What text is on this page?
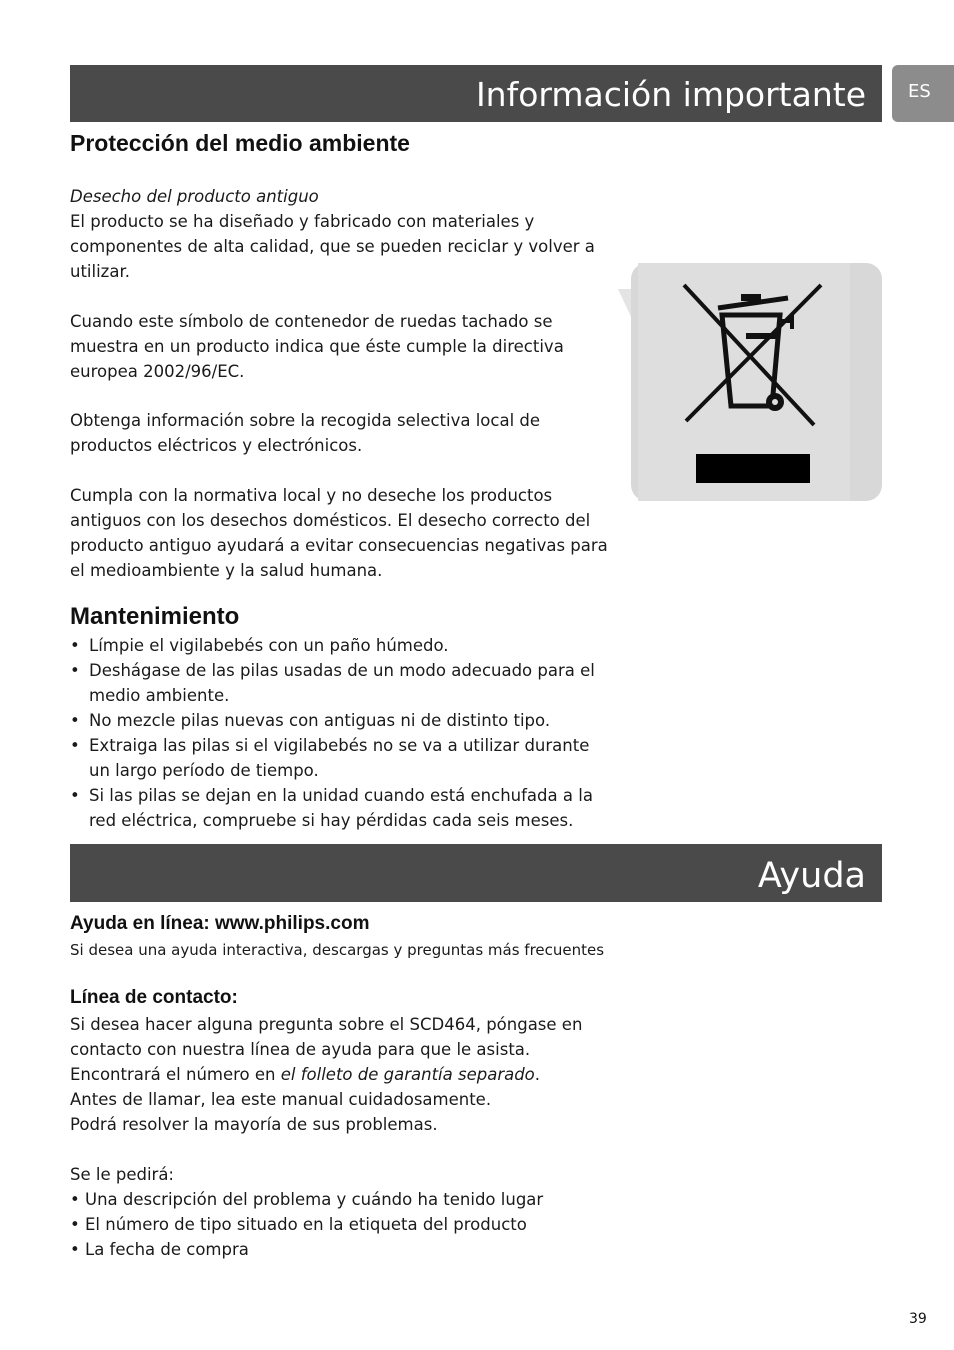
Información importante	ES
Protección del medio ambiente

Desecho del producto antiguo

El producto se ha diseñado y fabricado con materiales y componentes de alta calidad, que se pueden reciclar y volver a utilizar.

Cuando este símbolo de contenedor de ruedas tachado se muestra en un producto indica que éste cumple la directiva europea 2002/96/EC.

Obtenga información sobre la recogida selectiva local de productos eléctricos y electrónicos.

Cumpla con la normativa local y no deseche los productos antiguos con los desechos domésticos. El desecho correcto del producto antiguo ayudará a evitar consecuencias negativas para el medioambiente y la salud humana.

Mantenimiento
• Límpie el vigilabebés con un paño húmedo.
• Deshágase de las pilas usadas de un modo adecuado para el medio ambiente.
• No mezcle pilas nuevas con antiguas ni de distinto tipo.
• Extraiga las pilas si el vigilabebés no se va a utilizar durante un largo período de tiempo.
• Si las pilas se dejan en la unidad cuando está enchufada a la red eléctrica, compruebe si hay pérdidas cada seis meses.
Ayuda
Ayuda en línea: www.philips.com

Si desea una ayuda interactiva, descargas y preguntas más frecuentes

Línea de contacto:
Si desea hacer alguna pregunta sobre el SCD464, póngase en
contacto con nuestra línea de ayuda para que le asista.
Encontrará el número en el folleto de garantía separado.
Antes de llamar, lea este manual cuidadosamente.
Podrá resolver la mayoría de sus problemas.

Se le pedirá:

• Una descripción del problema y cuándo ha tenido lugar
• El número de tipo situado en la etiqueta del producto
• La fecha de compra
39
